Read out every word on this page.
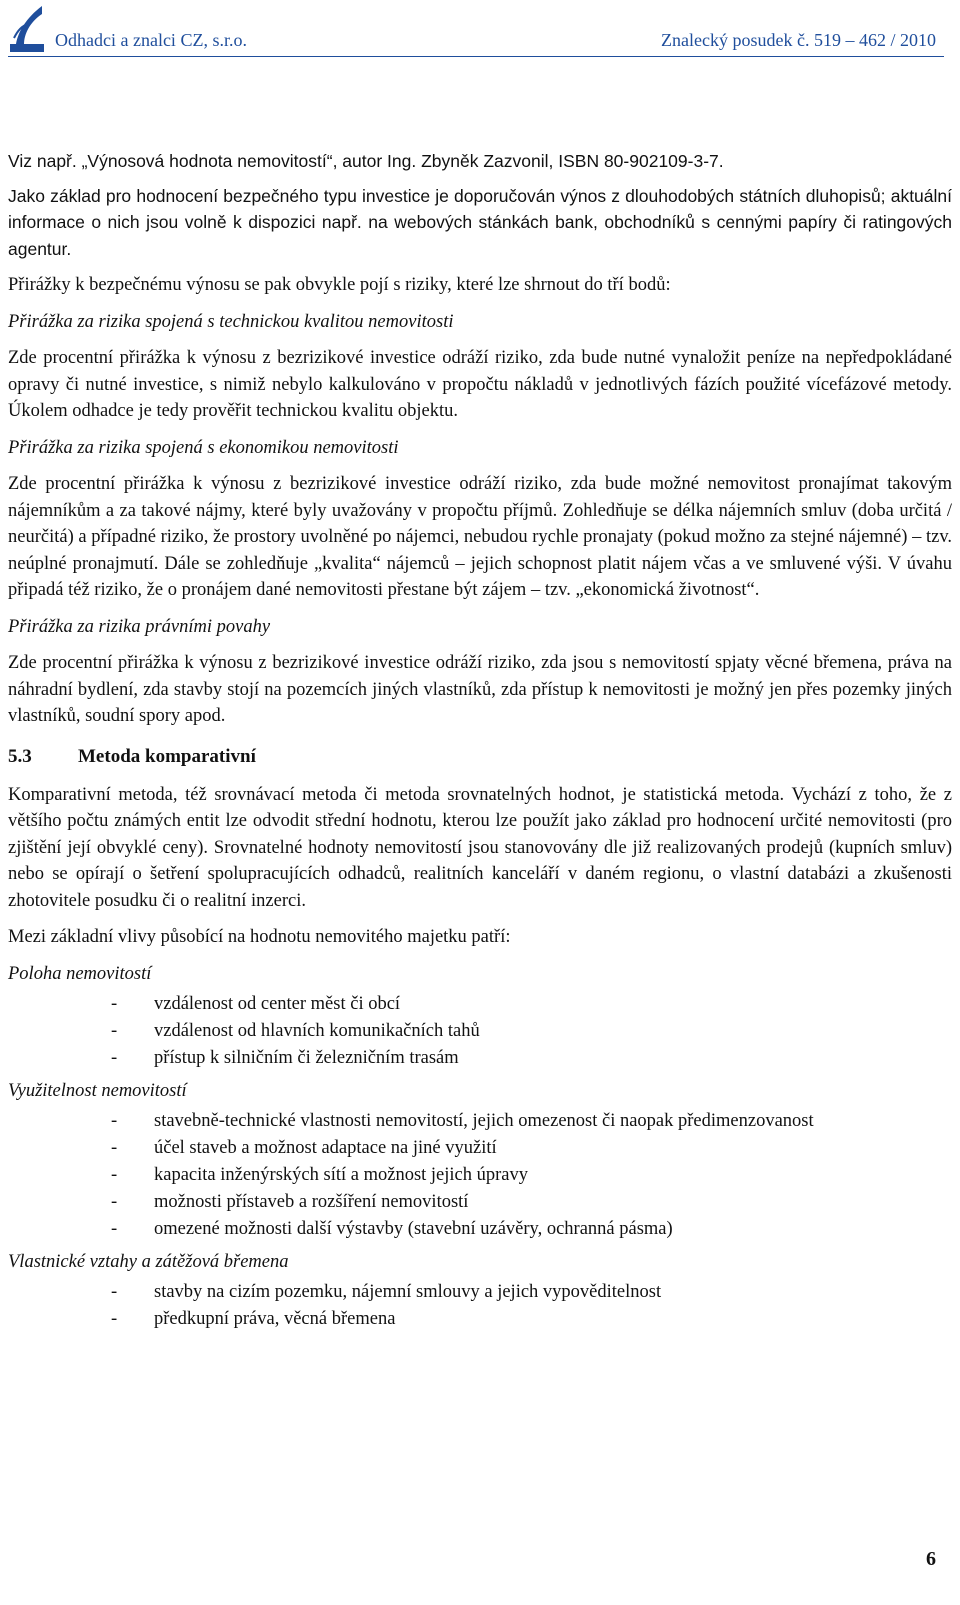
Odhadci a znalci CZ, s.r.o.	Znalecký posudek č. 519 – 462 / 2010

Viz např. „Výnosová hodnota nemovitostí“, autor Ing. Zbyněk Zazvonil, ISBN 80-902109-3-7.

Jako základ pro hodnocení bezpečného typu investice je doporučován výnos z dlouhodobých státních dluhopisů; aktuální informace o nich jsou volně k dispozici např. na webových stánkách bank, obchodníků s cennými papíry či ratingových agentur.

Přirážky k bezpečnému výnosu se pak obvykle pojí s riziky, které lze shrnout do tří bodů:

Přirážka za rizika spojená s technickou kvalitou nemovitosti

Zde procentní přirážka k výnosu z bezrizikové investice odráží riziko, zda bude nutné vynaložit peníze na nepředpokládané opravy či nutné investice, s nimiž nebylo kalkulováno v propočtu nákladů v jednotlivých fázích použité vícefázové metody. Úkolem odhadce je tedy prověřit technickou kvalitu objektu.

Přirážka za rizika spojená s ekonomikou nemovitosti

Zde procentní přirážka k výnosu z bezrizikové investice odráží riziko, zda bude možné nemovitost pronajímat takovým nájemníkům a za takové nájmy, které byly uvažovány v propočtu příjmů. Zohledňuje se délka nájemních smluv (doba určitá / neurčitá) a případné riziko, že prostory uvolněné po nájemci, nebudou rychle pronajaty (pokud možno za stejné nájemné) – tzv. neúplné pronajmutí. Dále se zohledňuje „kvalita“ nájemců – jejich schopnost platit nájem včas a ve smluvené výši. V úvahu připadá též riziko, že o pronájem dané nemovitosti přestane být zájem – tzv. „ekonomická životnost“.

Přirážka za rizika právními povahy

Zde procentní přirážka k výnosu z bezrizikové investice odráží riziko, zda jsou s nemovitostí spjaty věcné břemena, práva na náhradní bydlení, zda stavby stojí na pozemcích jiných vlastníků, zda přístup k nemovitosti je možný jen přes pozemky jiných vlastníků, soudní spory apod.

5.3 Metoda komparativní

Komparativní metoda, též srovnávací metoda či metoda srovnatelných hodnot, je statistická metoda. Vychází z toho, že z většího počtu známých entit lze odvodit střední hodnotu, kterou lze použít jako základ pro hodnocení určité nemovitosti (pro zjištění její obvyklé ceny). Srovnatelné hodnoty nemovitostí jsou stanovovány dle již realizovaných prodejů (kupních smluv) nebo se opírají o šetření spolupracujících odhadců, realitních kanceláří v daném regionu, o vlastní databázi a zkušenosti zhotovitele posudku či o realitní inzerci.

Mezi základní vlivy působící na hodnotu nemovitého majetku patří:

Poloha nemovitostí
- vzdálenost od center měst či obcí
- vzdálenost od hlavních komunikačních tahů
- přístup k silničním či železničním trasám
Využitelnost nemovitostí
- stavebně-technické vlastnosti nemovitostí, jejich omezenost či naopak předimenzovanost
- účel staveb a možnost adaptace na jiné využití
- kapacita inženýrských sítí a možnost jejich úpravy
- možnosti přístaveb a rozšíření nemovitostí
- omezené možnosti další výstavby (stavební uzávěry, ochranná pásma)
Vlastnické vztahy a zátěžová břemena
- stavby na cizím pozemku, nájemní smlouvy a jejich vypověditelnost
- předkupní práva, věcná břemena
6
